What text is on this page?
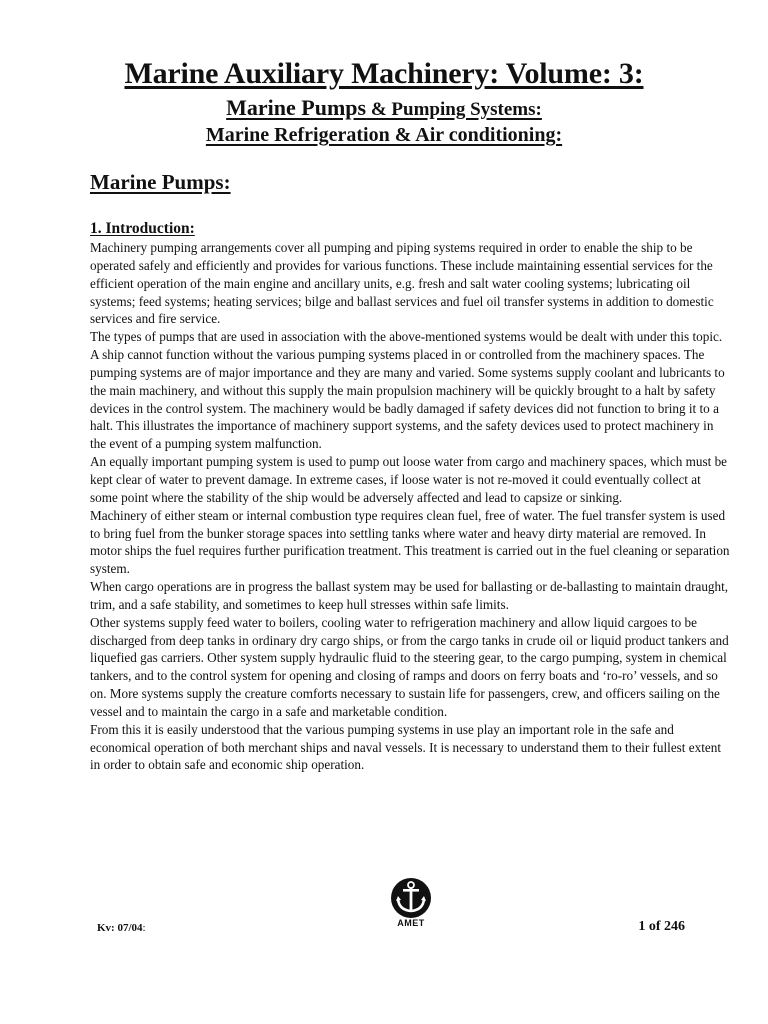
Marine Auxiliary Machinery: Volume: 3:
Marine Pumps & Pumping Systems:
Marine Refrigeration & Air conditioning:
Marine Pumps:
1. Introduction:

Machinery pumping arrangements cover all pumping and piping systems required in order to enable the ship to be operated safely and efficiently and provides for various functions. These include maintaining essential services for the efficient operation of the main engine and ancillary units, e.g. fresh and salt water cooling systems; lubricating oil systems; feed systems; heating services; bilge and ballast services and fuel oil transfer systems in addition to domestic services and fire service.

The types of pumps that are used in association with the above-mentioned systems would be dealt with under this topic.

A ship cannot function without the various pumping systems placed in or controlled from the machinery spaces. The pumping systems are of major importance and they are many and varied. Some systems supply coolant and lubricants to the main machinery, and without this supply the main propulsion machinery will be quickly brought to a halt by safety devices in the control system. The machinery would be badly damaged if safety devices did not function to bring it to a halt. This illustrates the importance of machinery support systems, and the safety devices used to protect machinery in the event of a pumping system malfunction.

An equally important pumping system is used to pump out loose water from cargo and machinery spaces, which must be kept clear of water to prevent damage. In extreme cases, if loose water is not re-moved it could eventually collect at some point where the stability of the ship would be adversely affected and lead to capsize or sinking.

Machinery of either steam or internal combustion type requires clean fuel, free of water. The fuel transfer system is used to bring fuel from the bunker storage spaces into settling tanks where water and heavy dirty material are removed. In motor ships the fuel requires further purification treatment. This treatment is carried out in the fuel cleaning or separation system.

When cargo operations are in progress the ballast system may be used for ballasting or de-ballasting to maintain draught, trim, and a safe stability, and sometimes to keep hull stresses within safe limits.

Other systems supply feed water to boilers, cooling water to refrigeration machinery and allow liquid cargoes to be discharged from deep tanks in ordinary dry cargo ships, or from the cargo tanks in crude oil or liquid product tankers and liquefied gas carriers. Other system supply hydraulic fluid to the steering gear, to the cargo pumping, system in chemical tankers, and to the control system for opening and closing of ramps and doors on ferry boats and ‘ro-ro’ vessels, and so on. More systems supply the creature comforts necessary to sustain life for passengers, crew, and officers sailing on the vessel and to maintain the cargo in a safe and marketable condition.

From this it is easily understood that the various pumping systems in use play an important role in the safe and economical operation of both merchant ships and naval vessels. It is necessary to understand them to their fullest extent in order to obtain safe and economic ship operation.

Kv: 07/04:	AMET	1 of 246
